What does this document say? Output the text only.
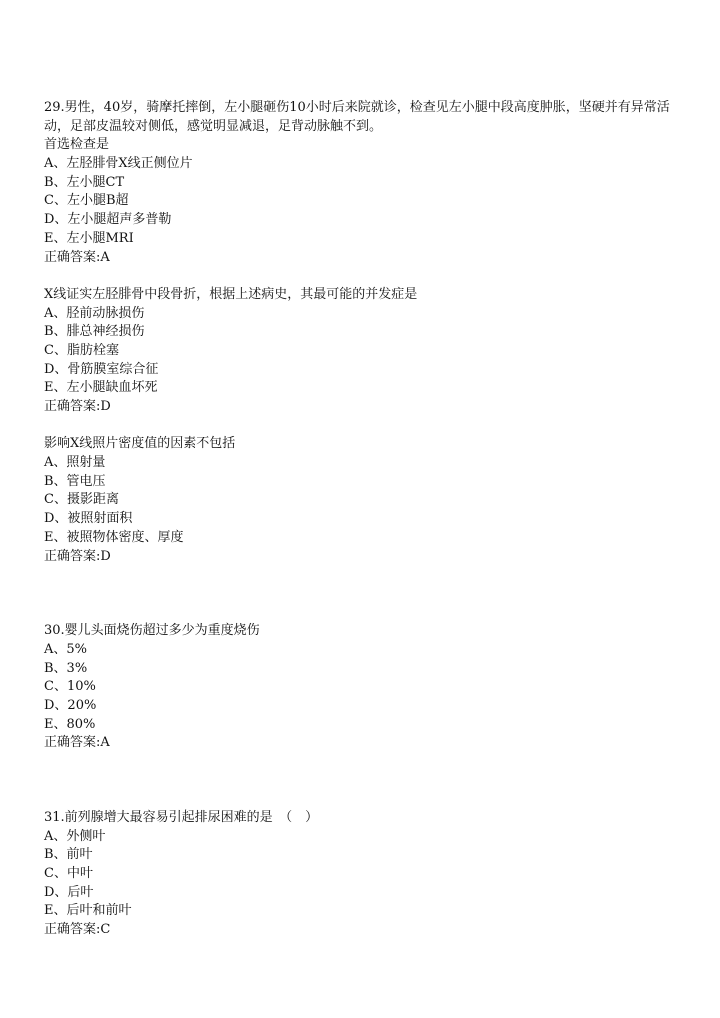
29.男性，40岁，骑摩托摔倒，左小腿砸伤10小时后来院就诊，检查见左小腿中段高度肿胀，坚硬并有异常活动，足部皮温较对侧低，感觉明显减退，足背动脉触不到。
首选检查是
A、左胫腓骨X线正侧位片
B、左小腿CT
C、左小腿B超
D、左小腿超声多普勒
E、左小腿MRI
正确答案:A
X线证实左胫腓骨中段骨折，根据上述病史，其最可能的并发症是
A、胫前动脉损伤
B、腓总神经损伤
C、脂肪栓塞
D、骨筋膜室综合征
E、左小腿缺血坏死
正确答案:D
影响X线照片密度值的因素不包括
A、照射量
B、管电压
C、摄影距离
D、被照射面积
E、被照物体密度、厚度
正确答案:D
30.婴儿头面烧伤超过多少为重度烧伤
A、5%
B、3%
C、10%
D、20%
E、80%
正确答案:A
31.前列腺增大最容易引起排尿困难的是　（　）
A、外侧叶
B、前叶
C、中叶
D、后叶
E、后叶和前叶
正确答案:C
